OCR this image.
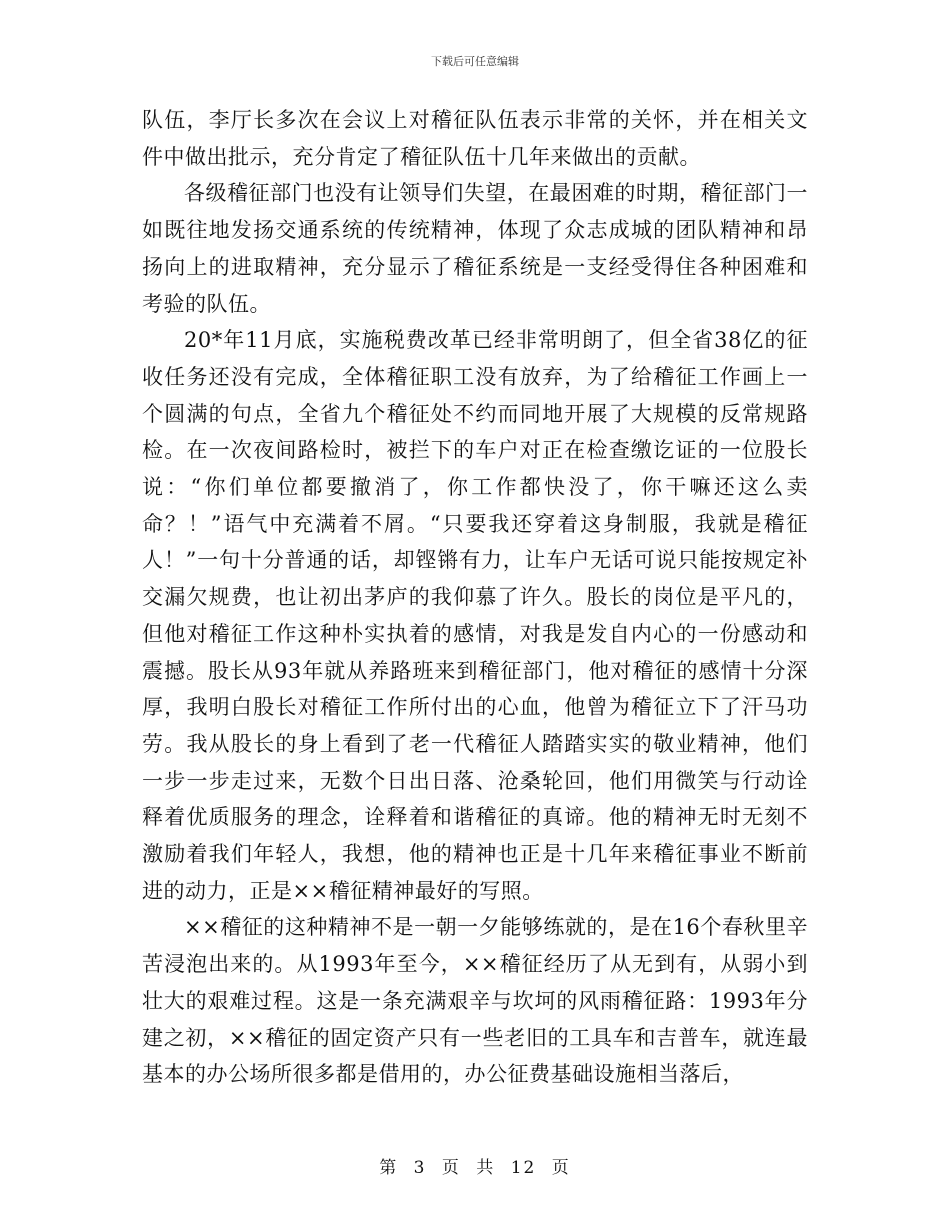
下载后可任意编辑

队伍，李厅长多次在会议上对稽征队伍表示非常的关怀，并在相关文件中做出批示，充分肯定了稽征队伍十几年来做出的贡献。

各级稽征部门也没有让领导们失望，在最困难的时期，稽征部门一如既往地发扬交通系统的传统精神，体现了众志成城的团队精神和昂扬向上的进取精神，充分显示了稽征系统是一支经受得住各种困难和考验的队伍。

20*年11月底，实施税费改革已经非常明朗了，但全省38亿的征收任务还没有完成，全体稽征职工没有放弃，为了给稽征工作画上一个圆满的句点，全省九个稽征处不约而同地开展了大规模的反常规路检。在一次夜间路检时，被拦下的车户对正在检查缴讫证的一位股长说：“你们单位都要撤消了，你工作都快没了，你干嘛还这么卖命？！”语气中充满着不屑。“只要我还穿着这身制服，我就是稽征人！”一句十分普通的话，却铿锵有力，让车户无话可说只能按规定补交漏欠规费，也让初出茅庐的我仰慕了许久。股长的岗位是平凡的，但他对稽征工作这种朴实执着的感情，对我是发自内心的一份感动和震撼。股长从93年就从养路班来到稽征部门，他对稽征的感情十分深厚，我明白股长对稽征工作所付出的心血，他曾为稽征立下了汗马功劳。我从股长的身上看到了老一代稽征人踏踏实实的敬业精神，他们一步一步走过来，无数个日出日落、沧桑轮回，他们用微笑与行动诠释着优质服务的理念，诠释着和谐稽征的真谛。他的精神无时无刻不激励着我们年轻人，我想，他的精神也正是十几年来稽征事业不断前进的动力，正是××稽征精神最好的写照。

××稽征的这种精神不是一朝一夕能够练就的，是在16个春秋里辛苦浸泡出来的。从1993年至今，××稽征经历了从无到有，从弱小到壮大的艰难过程。这是一条充满艰辛与坎坷的风雨稽征路：1993年分建之初，××稽征的固定资产只有一些老旧的工具车和吉普车，就连最基本的办公场所很多都是借用的，办公征费基础设施相当落后，

第 3 页 共 12 页
